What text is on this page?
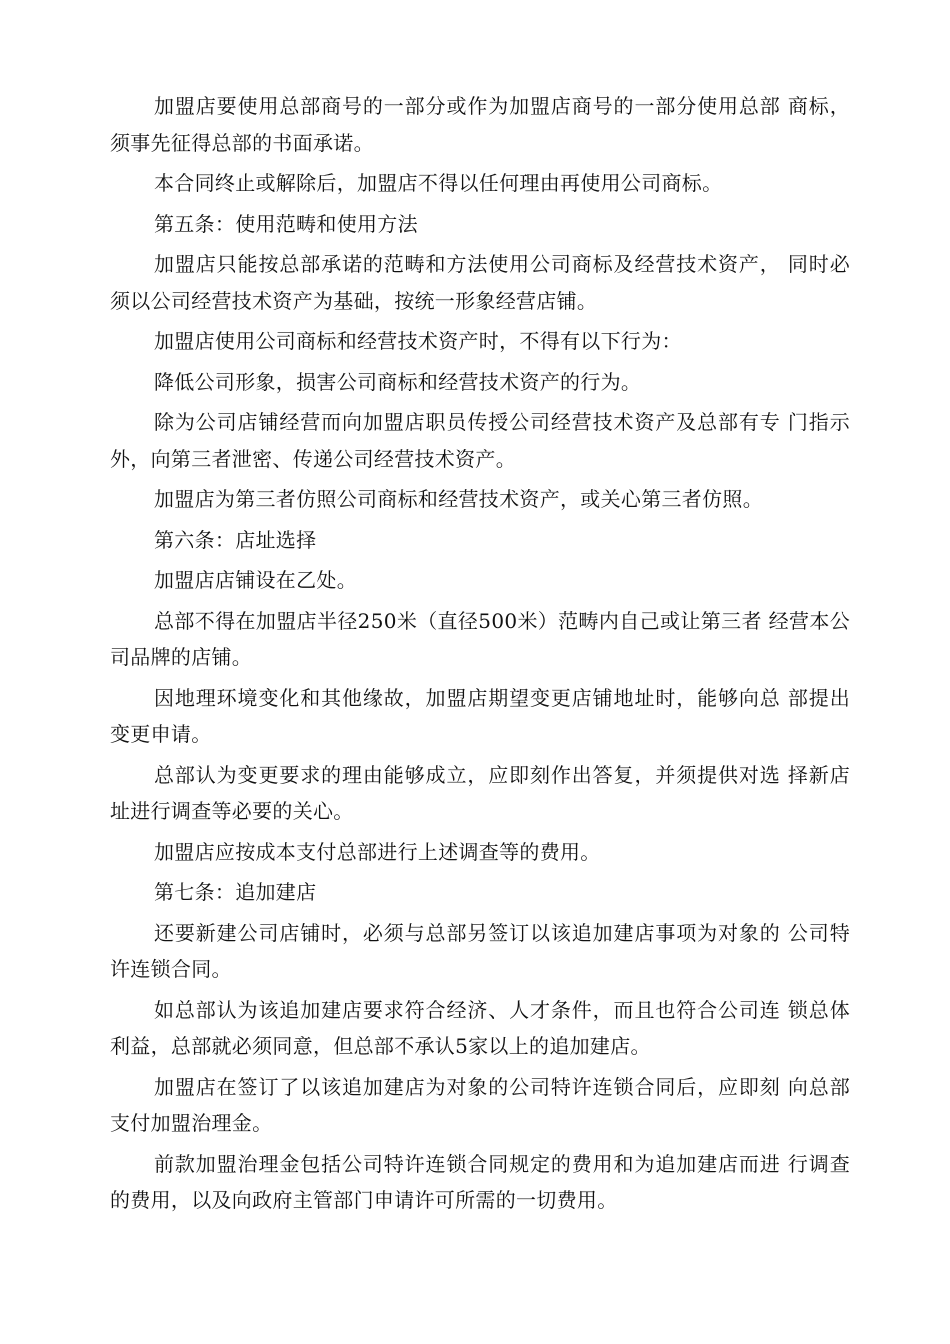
加盟店要使用总部商号的一部分或作为加盟店商号的一部分使用总部 商标，须事先征得总部的书面承诺。

本合同终止或解除后，加盟店不得以任何理由再使用公司商标。

第五条：使用范畴和使用方法

加盟店只能按总部承诺的范畴和方法使用公司商标及经营技术资产， 同时必须以公司经营技术资产为基础，按统一形象经营店铺。

加盟店使用公司商标和经营技术资产时，不得有以下行为：

降低公司形象，损害公司商标和经营技术资产的行为。

除为公司店铺经营而向加盟店职员传授公司经营技术资产及总部有专 门指示外，向第三者泄密、传递公司经营技术资产。

加盟店为第三者仿照公司商标和经营技术资产，或关心第三者仿照。

第六条：店址选择

加盟店店铺设在乙处。

总部不得在加盟店半径250米（直径500米）范畴内自己或让第三者 经营本公司品牌的店铺。

因地理环境变化和其他缘故，加盟店期望变更店铺地址时，能够向总 部提出变更申请。

总部认为变更要求的理由能够成立，应即刻作出答复，并须提供对选 择新店址进行调查等必要的关心。

加盟店应按成本支付总部进行上述调查等的费用。

第七条：追加建店

还要新建公司店铺时，必须与总部另签订以该追加建店事项为对象的 公司特许连锁合同。

如总部认为该追加建店要求符合经济、人才条件，而且也符合公司连 锁总体利益，总部就必须同意，但总部不承认5家以上的追加建店。

加盟店在签订了以该追加建店为对象的公司特许连锁合同后，应即刻 向总部支付加盟治理金。

前款加盟治理金包括公司特许连锁合同规定的费用和为追加建店而进 行调查的费用，以及向政府主管部门申请许可所需的一切费用。
